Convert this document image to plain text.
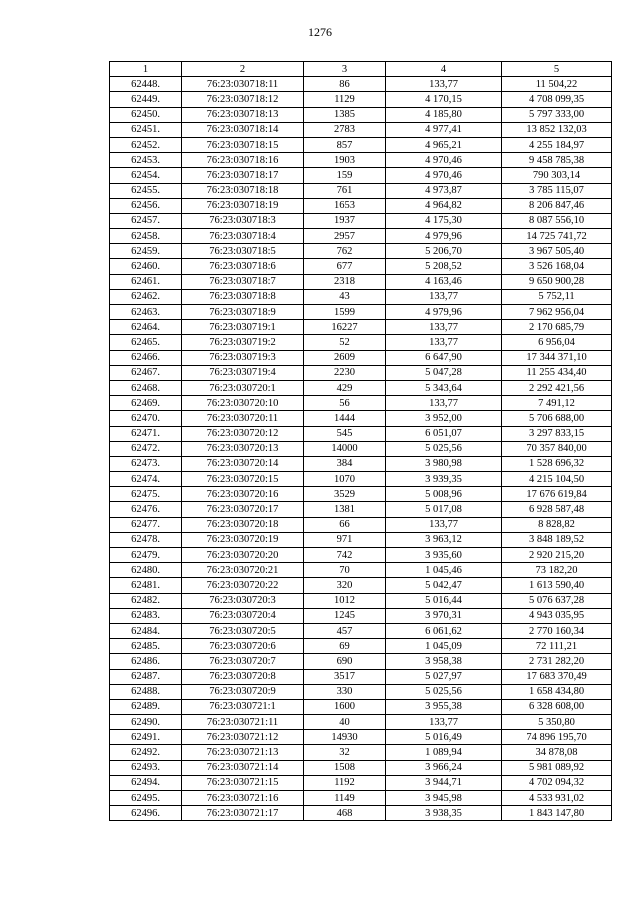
1276
1	2	3	4	5
62448.	76:23:030718:11	86	133,77	11 504,22
62449.	76:23:030718:12	1129	4 170,15	4 708 099,35
62450.	76:23:030718:13	1385	4 185,80	5 797 333,00
62451.	76:23:030718:14	2783	4 977,41	13 852 132,03
62452.	76:23:030718:15	857	4 965,21	4 255 184,97
62453.	76:23:030718:16	1903	4 970,46	9 458 785,38
62454.	76:23:030718:17	159	4 970,46	790 303,14
62455.	76:23:030718:18	761	4 973,87	3 785 115,07
62456.	76:23:030718:19	1653	4 964,82	8 206 847,46
62457.	76:23:030718:3	1937	4 175,30	8 087 556,10
62458.	76:23:030718:4	2957	4 979,96	14 725 741,72
62459.	76:23:030718:5	762	5 206,70	3 967 505,40
62460.	76:23:030718:6	677	5 208,52	3 526 168,04
62461.	76:23:030718:7	2318	4 163,46	9 650 900,28
62462.	76:23:030718:8	43	133,77	5 752,11
62463.	76:23:030718:9	1599	4 979,96	7 962 956,04
62464.	76:23:030719:1	16227	133,77	2 170 685,79
62465.	76:23:030719:2	52	133,77	6 956,04
62466.	76:23:030719:3	2609	6 647,90	17 344 371,10
62467.	76:23:030719:4	2230	5 047,28	11 255 434,40
62468.	76:23:030720:1	429	5 343,64	2 292 421,56
62469.	76:23:030720:10	56	133,77	7 491,12
62470.	76:23:030720:11	1444	3 952,00	5 706 688,00
62471.	76:23:030720:12	545	6 051,07	3 297 833,15
62472.	76:23:030720:13	14000	5 025,56	70 357 840,00
62473.	76:23:030720:14	384	3 980,98	1 528 696,32
62474.	76:23:030720:15	1070	3 939,35	4 215 104,50
62475.	76:23:030720:16	3529	5 008,96	17 676 619,84
62476.	76:23:030720:17	1381	5 017,08	6 928 587,48
62477.	76:23:030720:18	66	133,77	8 828,82
62478.	76:23:030720:19	971	3 963,12	3 848 189,52
62479.	76:23:030720:20	742	3 935,60	2 920 215,20
62480.	76:23:030720:21	70	1 045,46	73 182,20
62481.	76:23:030720:22	320	5 042,47	1 613 590,40
62482.	76:23:030720:3	1012	5 016,44	5 076 637,28
62483.	76:23:030720:4	1245	3 970,31	4 943 035,95
62484.	76:23:030720:5	457	6 061,62	2 770 160,34
62485.	76:23:030720:6	69	1 045,09	72 111,21
62486.	76:23:030720:7	690	3 958,38	2 731 282,20
62487.	76:23:030720:8	3517	5 027,97	17 683 370,49
62488.	76:23:030720:9	330	5 025,56	1 658 434,80
62489.	76:23:030721:1	1600	3 955,38	6 328 608,00
62490.	76:23:030721:11	40	133,77	5 350,80
62491.	76:23:030721:12	14930	5 016,49	74 896 195,70
62492.	76:23:030721:13	32	1 089,94	34 878,08
62493.	76:23:030721:14	1508	3 966,24	5 981 089,92
62494.	76:23:030721:15	1192	3 944,71	4 702 094,32
62495.	76:23:030721:16	1149	3 945,98	4 533 931,02
62496.	76:23:030721:17	468	3 938,35	1 843 147,80
